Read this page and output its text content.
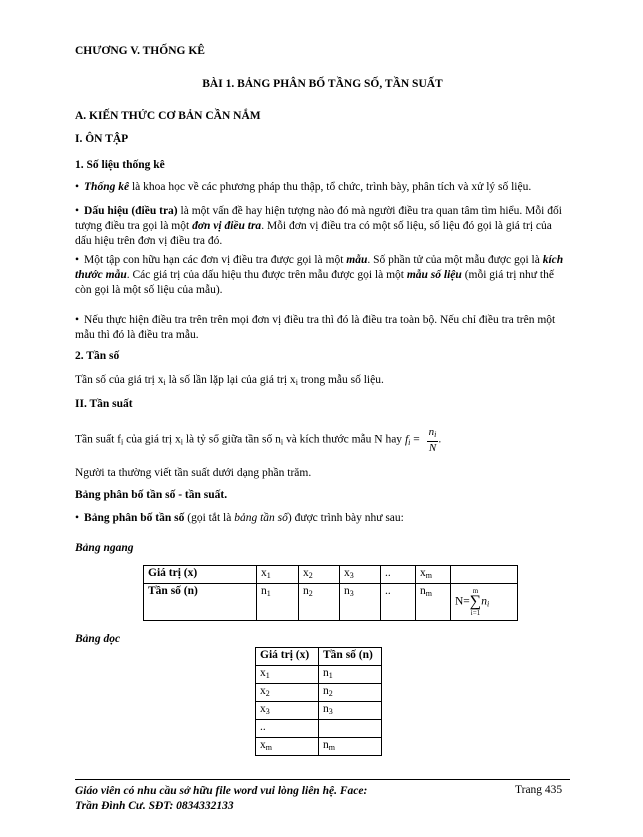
CHƯƠNG V. THỐNG KÊ
BÀI 1. BẢNG PHÂN BỐ TẦNG SỐ, TẦN SUẤT
A. KIẾN THỨC CƠ BẢN CẦN NẮM
I. ÔN TẬP
1. Số liệu thống kê
• Thống kê là khoa học về các phương pháp thu thập, tổ chức, trình bày, phân tích và xử lý số liệu.
• Dấu hiệu (điều tra) là một vấn đề hay hiện tượng nào đó mà người điều tra quan tâm tìm hiểu. Mỗi đối tượng điều tra gọi là một đơn vị điều tra. Mỗi đơn vị điều tra có một số liệu, số liệu đó gọi là giá trị của dấu hiệu trên đơn vị điều tra đó.
• Một tập con hữu hạn các đơn vị điều tra được gọi là một mẫu. Số phần tử của một mẫu được gọi là kích thước mẫu. Các giá trị của dấu hiệu thu được trên mẫu được gọi là một mẫu số liệu (mỗi giá trị như thế còn gọi là một số liệu của mẫu).
• Nếu thực hiện điều tra trên trên mọi đơn vị điều tra thì đó là điều tra toàn bộ. Nếu chỉ điều tra trên một mẫu thì đó là điều tra mẫu.
2. Tần số
Tần số của giá trị $x_i$ là số lần lặp lại của giá trị $x_i$ trong mẫu số liệu.
II. Tần suất
Tần suất $f_i$ của giá trị $x_i$ là tỷ số giữa tần số $n_i$ và kích thước mẫu N hay $f_i = \frac{n_i}{N}$ .
Người ta thường viết tần suất dưới dạng phần trăm.
Bảng phân bố tần số - tần suất.
• Bảng phân bố tần số (gọi tắt là bảng tần số) được trình bày như sau:
Bảng ngang
Giá trị (x)	$x_1$	$x_2$	$x_3$	..	$x_m$	
Tần số (n)	$n_1$	$n_2$	$n_3$	..	$n_m$	N=m
∑
$i=1n_i$
Bảng dọc
Giá trị (x)	Tần số (n)
$x_1$	$n_1$
$x_2$	$n_2$
$x_3$	$n_3$
..	
$x_m$	$n_m$
Giáo viên có nhu cầu sở hữu file word vui lòng liên hệ. Face: Trần Đình Cư. SĐT: 0834332133
Trang 435
